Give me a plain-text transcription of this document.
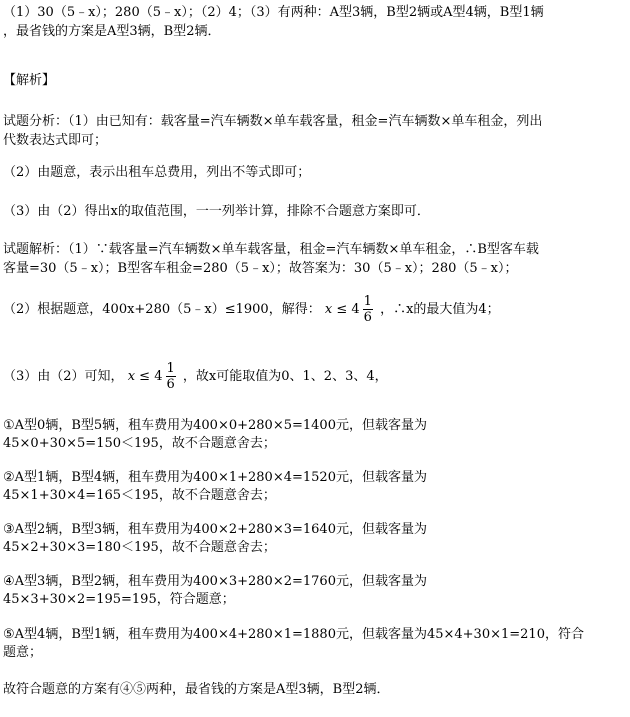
（1）30（5﹣x）；280（5﹣x）；（2）4；（3）有两种：A型3辆，B型2辆或A型4辆，B型1辆
，最省钱的方案是A型3辆，B型2辆．
【解析】
试题分析：（1）由已知有：载客量=汽车辆数×单车载客量，租金=汽车辆数×单车租金，列出
代数表达式即可；
（2）由题意，表示出租车总费用，列出不等式即可；
（3）由（2）得出x的取值范围，一一列举计算，排除不合题意方案即可．
试题解析：（1）∵载客量=汽车辆数×单车载客量，租金=汽车辆数×单车租金，∴B型客车载
客量=30（5﹣x）；B型客车租金=280（5﹣x）；故答案为：30（5﹣x）；280（5﹣x）；
（2）根据题意，400x+280（5﹣x）≤1900，解得： $x \le 4 \frac{1}{6}$ ，∴x的最大值为4；
（3）由（2）可知， $x \le 4 \frac{1}{6}$ ，故x可能取值为0、1、2、3、4，
①A型0辆，B型5辆，租车费用为400×0+280×5=1400元，但载客量为
45×0+30×5=150＜195，故不合题意舍去；
②A型1辆，B型4辆，租车费用为400×1+280×4=1520元，但载客量为
45×1+30×4=165＜195，故不合题意舍去；
③A型2辆，B型3辆，租车费用为400×2+280×3=1640元，但载客量为
45×2+30×3=180＜195，故不合题意舍去；
④A型3辆，B型2辆，租车费用为400×3+280×2=1760元，但载客量为
45×3+30×2=195=195，符合题意；
⑤A型4辆，B型1辆，租车费用为400×4+280×1=1880元，但载客量为45×4+30×1=210，符合
题意；
故符合题意的方案有④⑤两种，最省钱的方案是A型3辆，B型2辆．
